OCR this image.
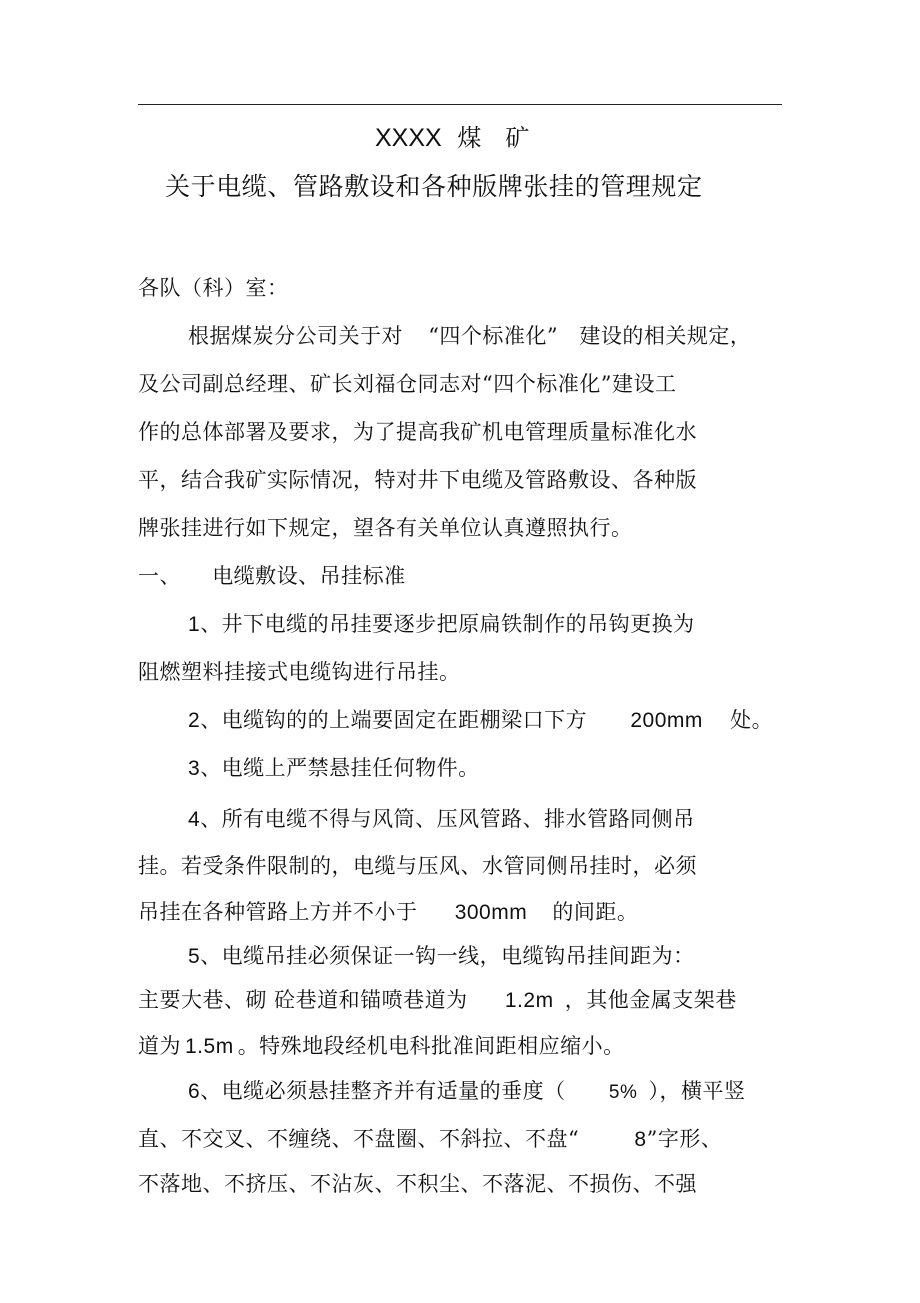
XXXX 煤　矿
关于电缆、管路敷设和各种版牌张挂的管理规定
各队（科）室：
根据煤炭分公司关于对 “四个标准化” 建设的相关规定，
及公司副总经理、矿长刘福仓同志对“四个标准化”建设工
作的总体部署及要求，为了提高我矿机电管理质量标准化水
平，结合我矿实际情况，特对井下电缆及管路敷设、各种版
牌张挂进行如下规定，望各有关单位认真遵照执行。
一、 电缆敷设、吊挂标准
1、井下电缆的吊挂要逐步把原扁铁制作的吊钩更换为
阻燃塑料挂接式电缆钩进行吊挂。
2、电缆钩的的上端要固定在距棚梁口下方 200mm 处。
3、电缆上严禁悬挂任何物件。
4、所有电缆不得与风筒、压风管路、排水管路同侧吊
挂。若受条件限制的，电缆与压风、水管同侧吊挂时，必须
吊挂在各种管路上方并不小于 300mm 的间距。
5、电缆吊挂必须保证一钩一线，电缆钩吊挂间距为：
主要大巷、砌 砼巷道和锚喷巷道为 1.2m ，其他金属支架巷
道为 1.5m 。特殊地段经机电科批准间距相应缩小。
6、电缆必须悬挂整齐并有适量的垂度（ 5% ），横平竖
直、不交叉、不缠绕、不盘圈、不斜拉、不盘“	8”字形、
不落地、不挤压、不沾灰、不积尘、不落泥、不损伤、不强
